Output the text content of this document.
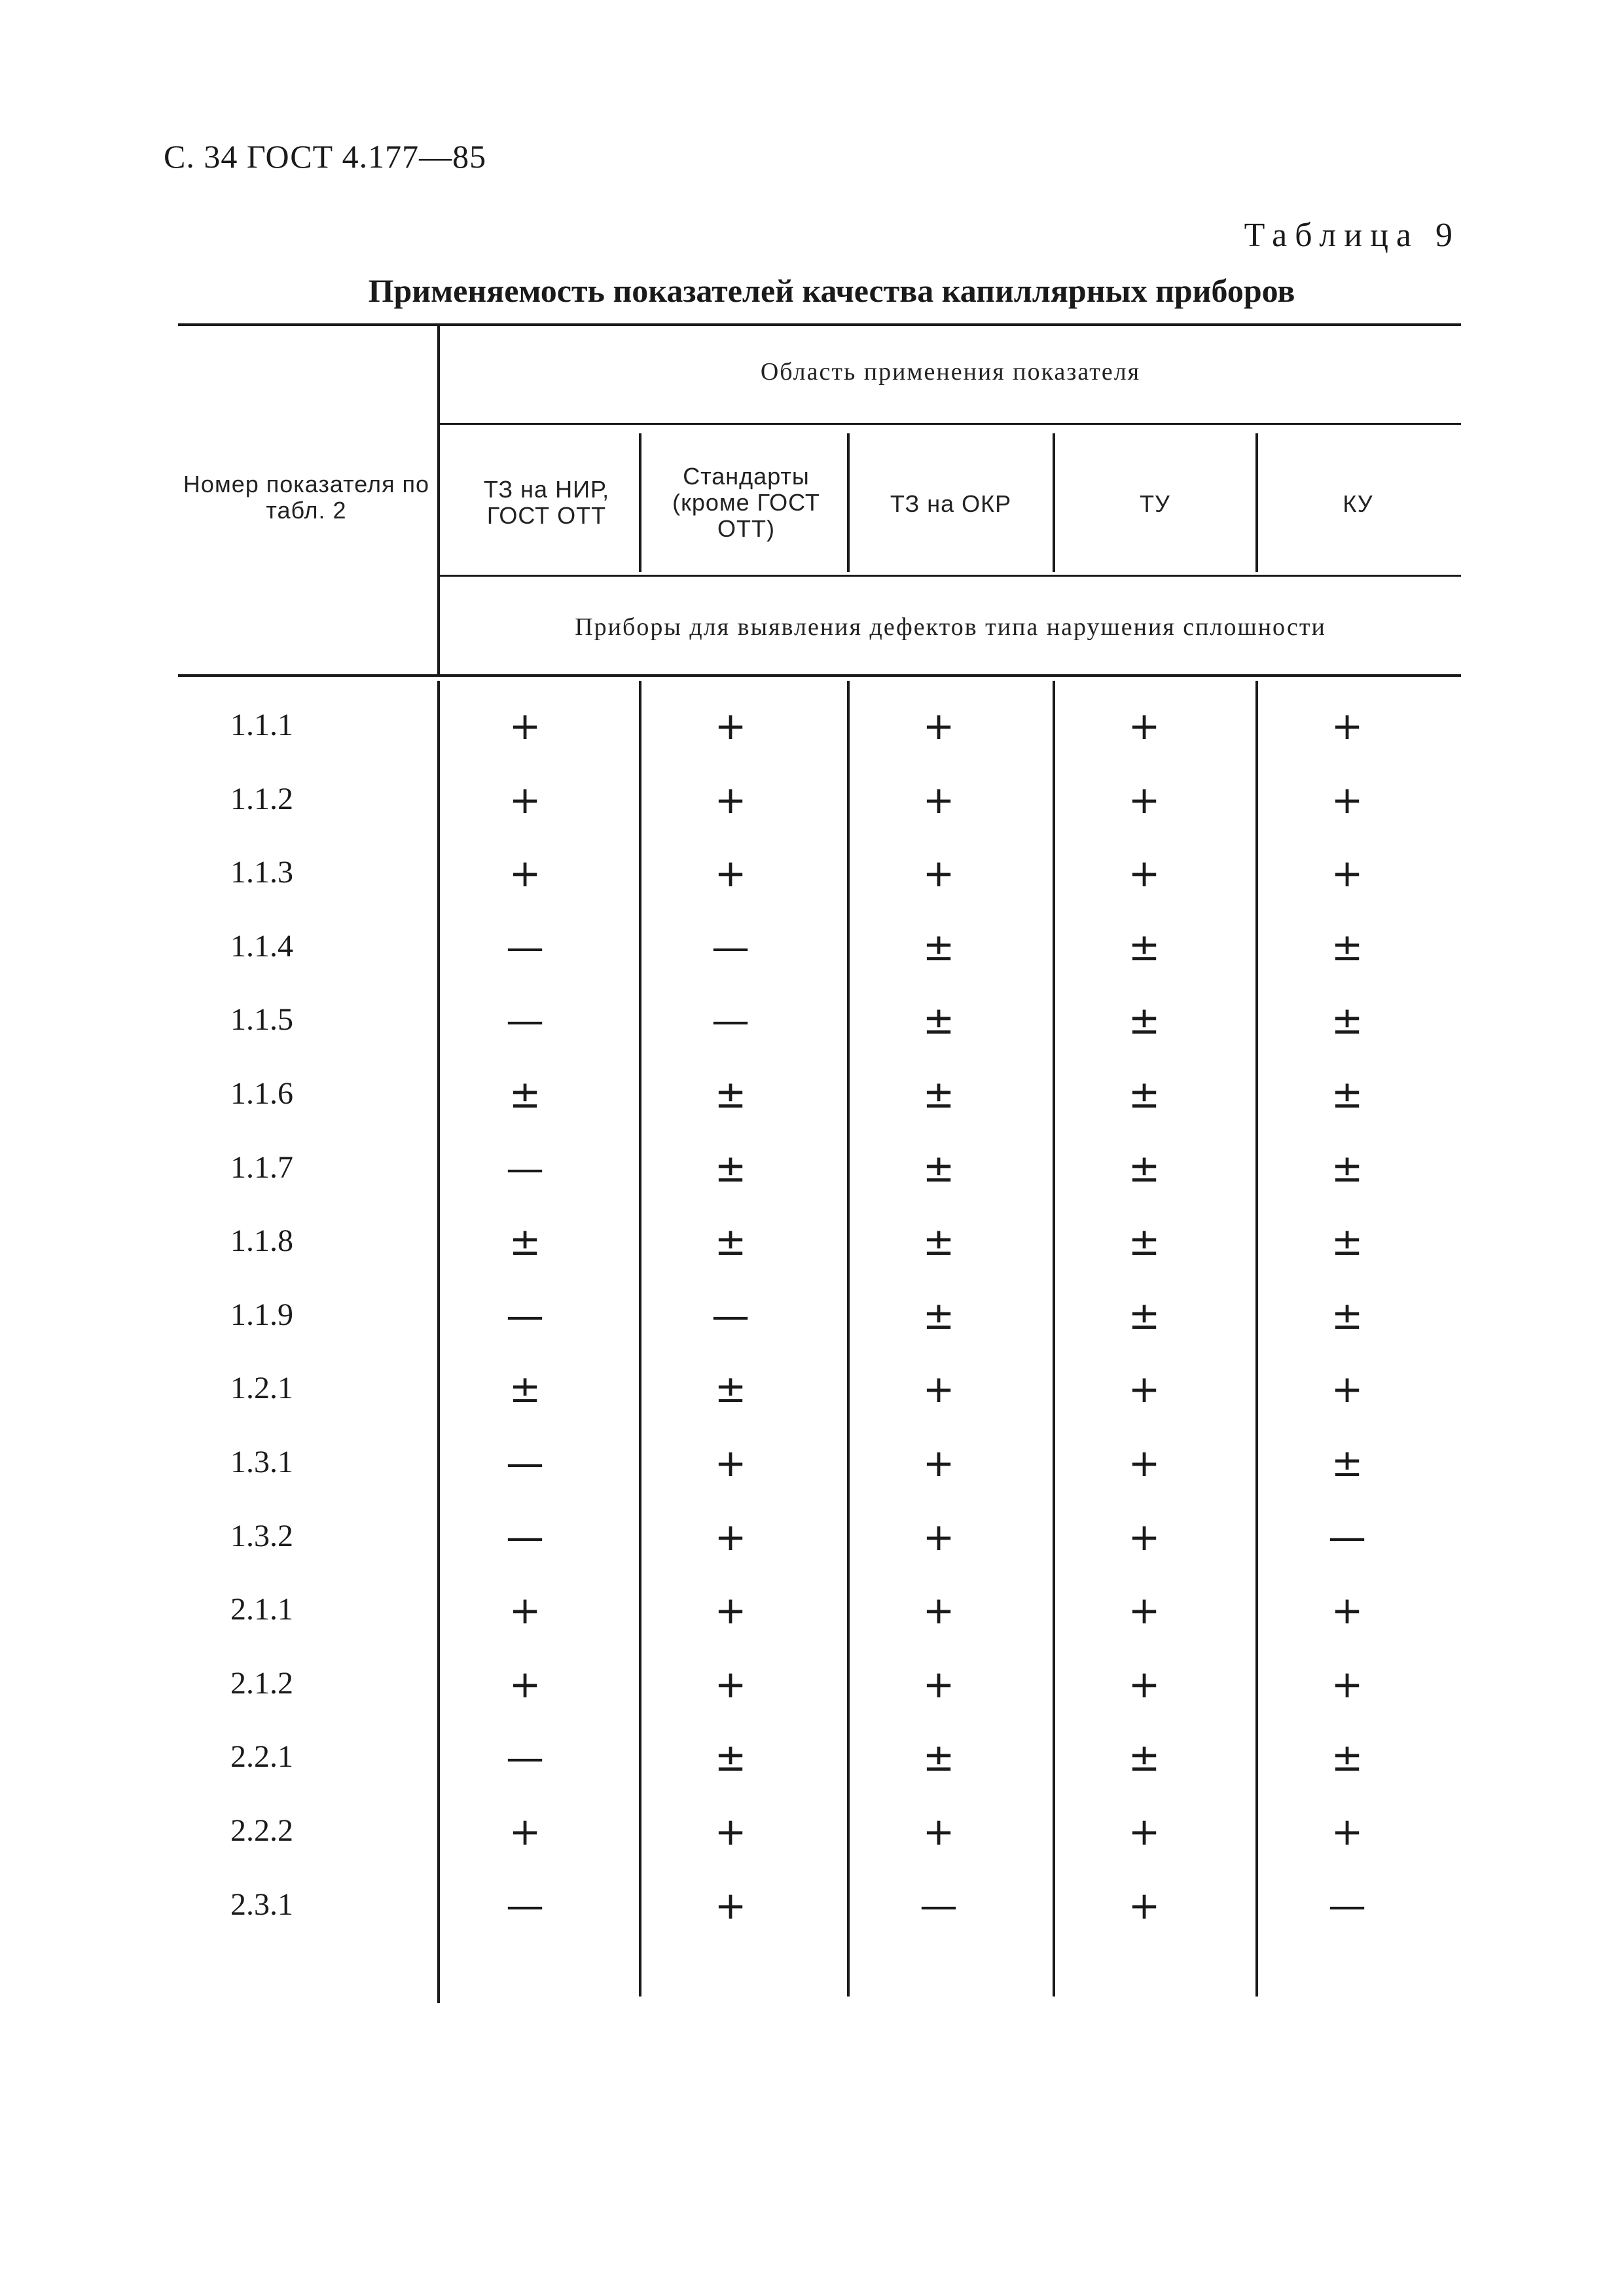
С. 34 ГОСТ 4.177—85
Таблица 9
Применяемость показателей качества капиллярных приборов
Номер показателя по табл. 2
Область применения показателя
ТЗ на НИР, ГОСТ ОТТ
Стандарты (кроме ГОСТ ОТТ)
ТЗ на ОКР	ТУ	КУ
Приборы для выявления дефектов типа нарушения сплошности
1.1.1	+	+	+	+	+
1.1.2	+	+	+	+	+
1.1.3	+	+	+	+	+
1.1.4	—	—	±	±	±
1.1.5	—	—	±	±	±
1.1.6	±	±	±	±	±
1.1.7	—	±	±	±	±
1.1.8	±	±	±	±	±
1.1.9	—	—	±	±	±
1.2.1	±	±	+	+	+
1.3.1	—	+	+	+	±
1.3.2	—	+	+	+	—
2.1.1	+	+	+	+	+
2.1.2	+	+	+	+	+
2.2.1	—	±	±	±	±
2.2.2	+	+	+	+	+
2.3.1	—	+	—	+	—
